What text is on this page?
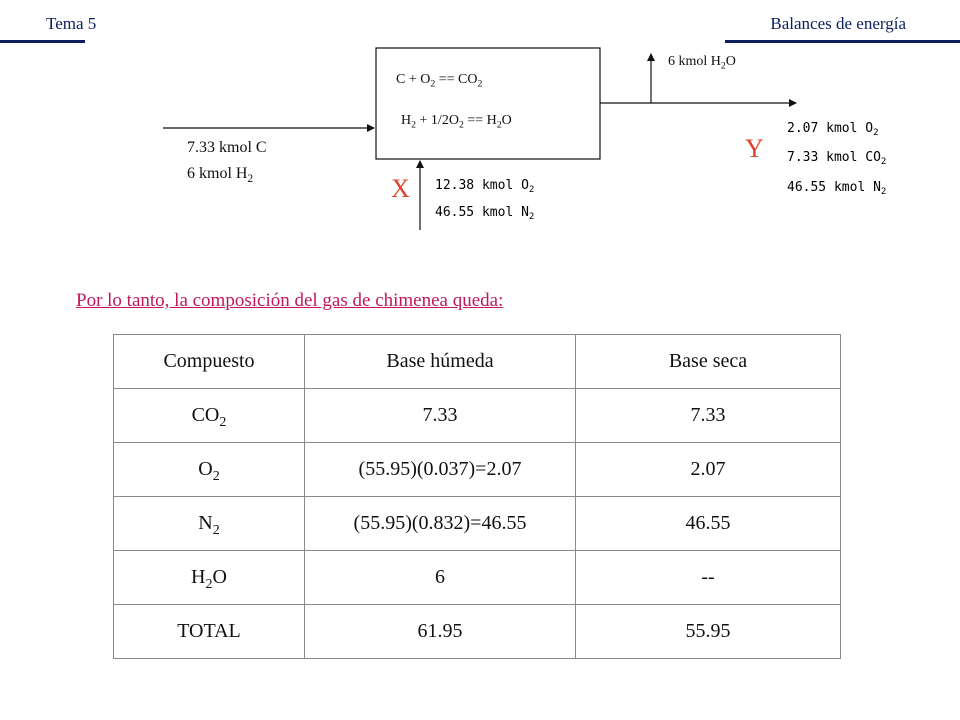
Tema 5	Balances de energía
$C + O_2 == CO_2$
$H_2 + 1/2O_2 == H_2O$
7.33 kmol C
6 kmol $H_2$	X 12.38 kmol $O_2$
46.55 kmol $N_2$
6 kmol $H_2O$
Y
2.07 kmol $O_2$
7.33 kmol $CO_2$
46.55 kmol $N_2$
Por lo tanto, la composición del gas de chimenea queda:
Compuesto	Base húmeda	Base seca
$CO_2$	7.33	7.33
$O_2$	(55.95)(0.037)=2.07	2.07
$N_2$	(55.95)(0.832)=46.55	46.55
$H_2O$	6	--
TOTAL	61.95	55.95
